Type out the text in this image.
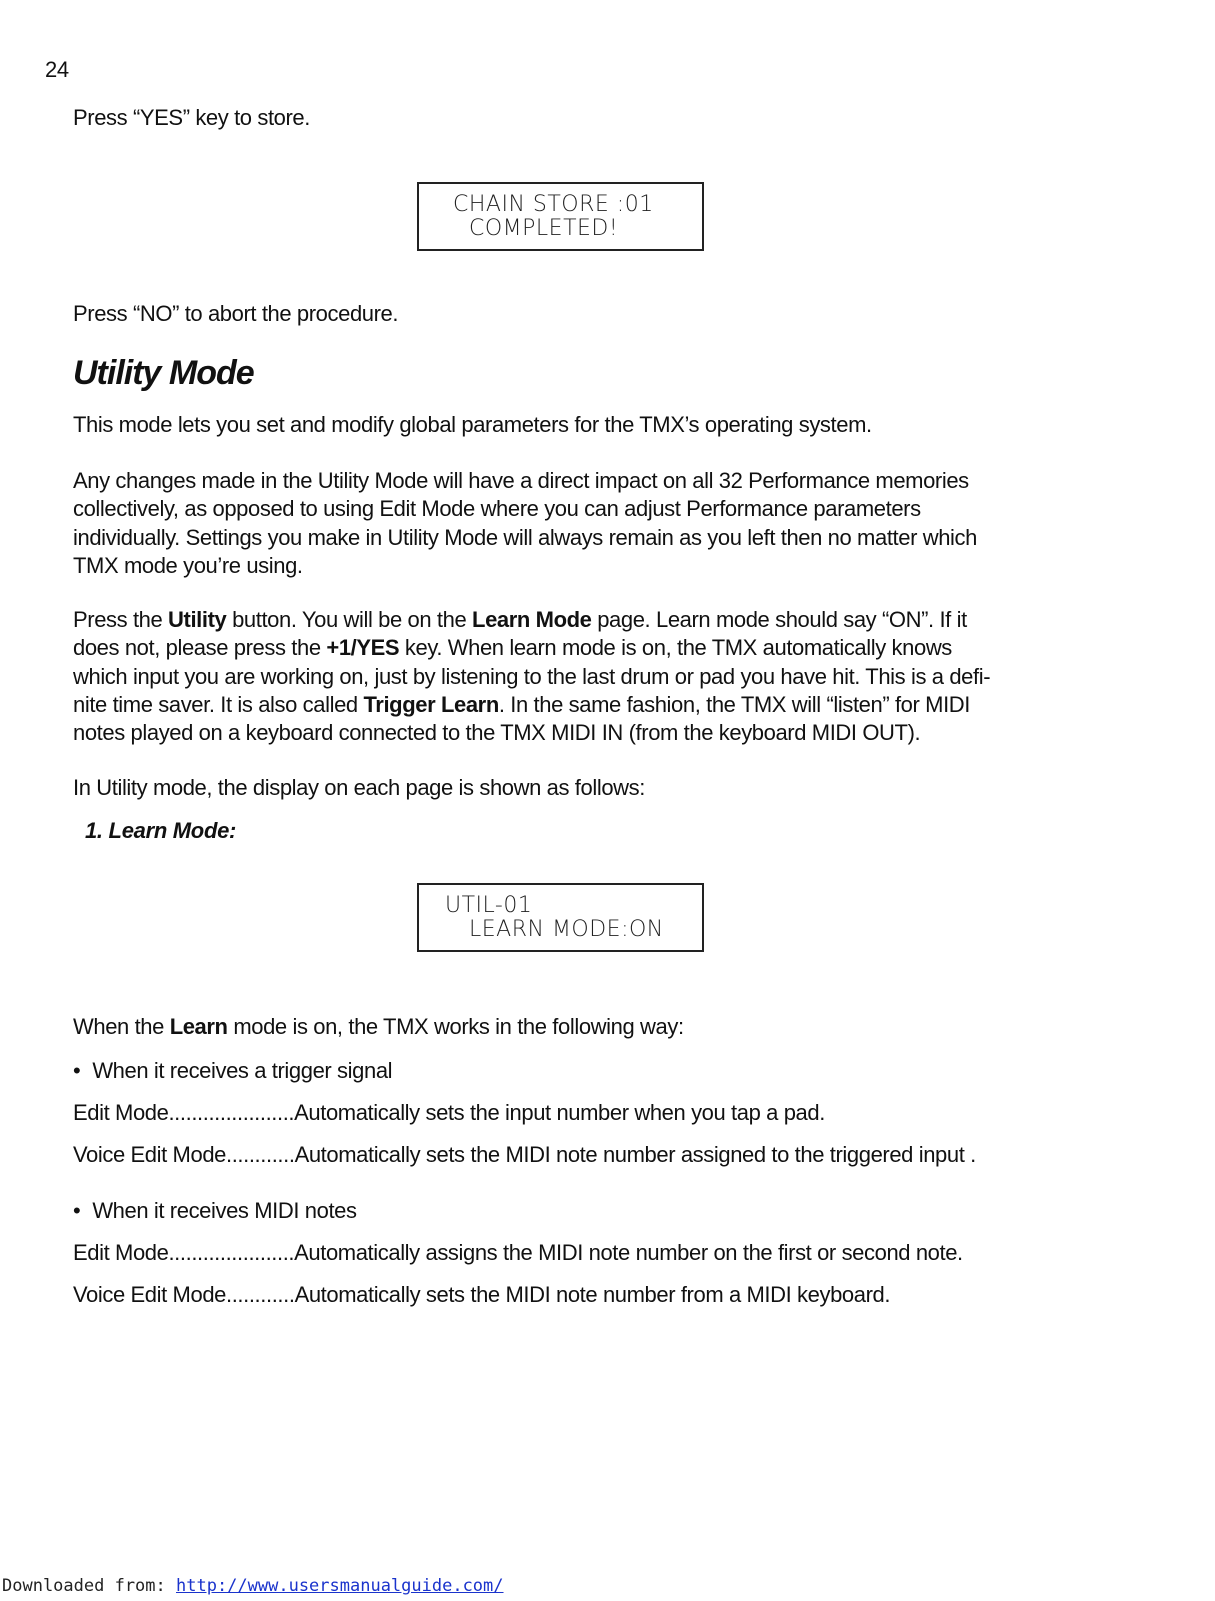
24
Press “YES” key to store.
CHAIN STORE :01
COMPLETED!
Press “NO” to abort the procedure.
Utility Mode
This mode lets you set and modify global parameters for the TMX’s operating system.

Any changes made in the Utility Mode will have a direct impact on all 32 Performance memories

collectively, as opposed to using Edit Mode where you can adjust Performance parameters

individually. Settings you make in Utility Mode will always remain as you left then no matter which

TMX mode you’re using.

Press the Utility button. You will be on the Learn Mode page. Learn mode should say “ON”. If it

does not, please press the +1/YES key. When learn mode is on, the TMX automatically knows

which input you are working on, just by listening to the last drum or pad you have hit. This is a defi-

nite time saver. It is also called Trigger Learn. In the same fashion, the TMX will “listen” for MIDI

notes played on a keyboard connected to the TMX MIDI IN (from the keyboard MIDI OUT).

In Utility mode, the display on each page is shown as follows:
1. Learn Mode:
UTIL-01
LEARN MODE:ON
When the Learn mode is on, the TMX works in the following way:
• When it receives a trigger signal
Edit Mode......................Automatically sets the input number when you tap a pad.
Voice Edit Mode............Automatically sets the MIDI note number assigned to the triggered input .
• When it receives MIDI notes
Edit Mode......................Automatically assigns the MIDI note number on the first or second note.
Voice Edit Mode............Automatically sets the MIDI note number from a MIDI keyboard.
Downloaded from: http://www.usersmanualguide.com/
